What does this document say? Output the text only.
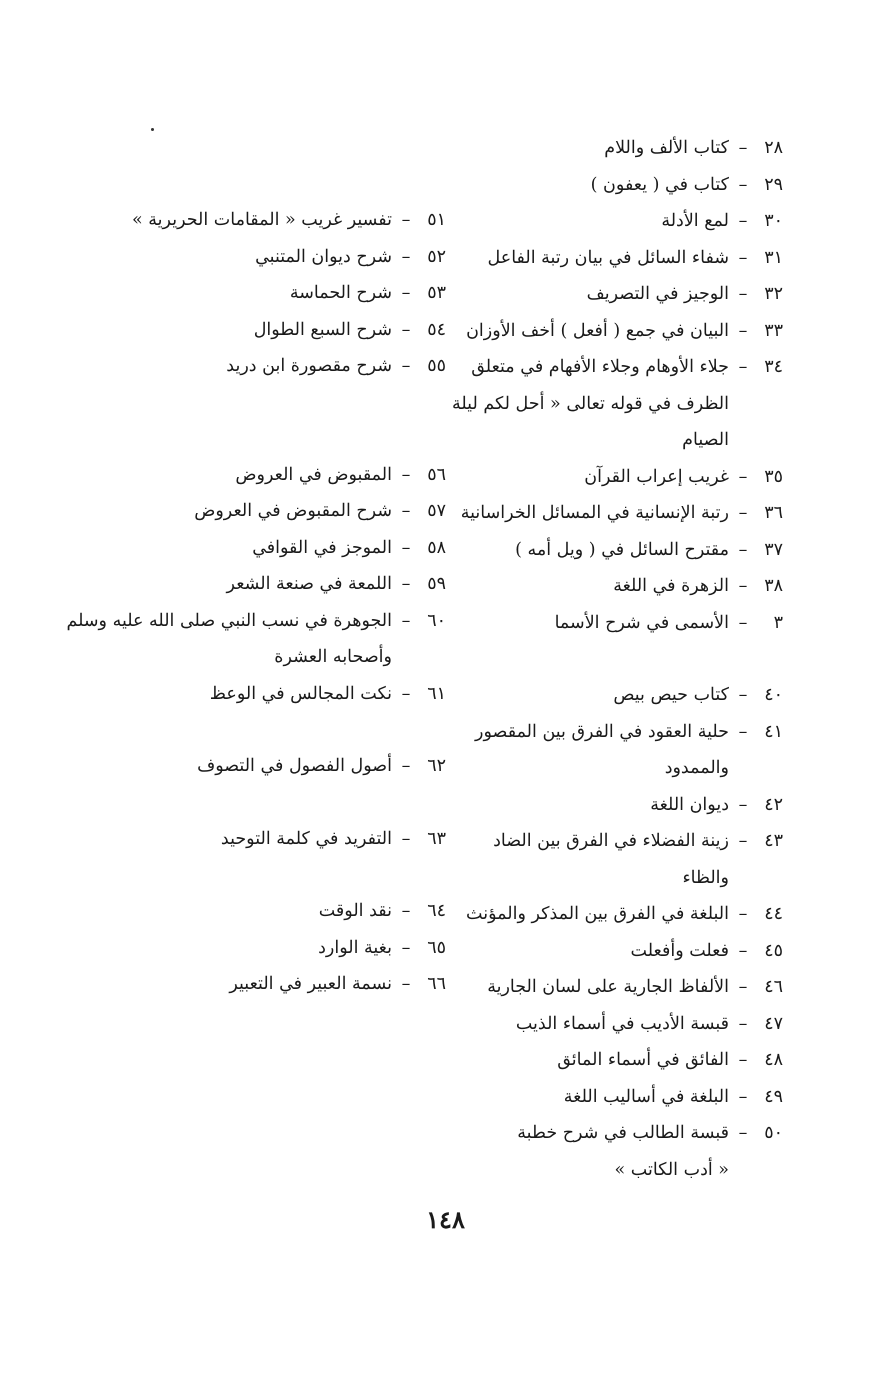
٢٨
–
كتاب الألف واللام
٢٩
–
كتاب في ( يعفون )
٣٠
–
لمع الأدلة
٣١
–
شفاء السائل في بيان رتبة الفاعل
٣٢
–
الوجيز في التصريف
٣٣
–
البيان في جمع ( أفعل ) أخف الأوزان
٣٤
–
جلاء الأوهام وجلاء الأفهام في متعلق
الظرف في قوله تعالى « أحل لكم ليلة
الصيام
٣٥
–
غريب إعراب القرآن
٣٦
–
رتبة الإنسانية في المسائل الخراسانية
٣٧
–
مقترح السائل في ( ويل أمه )
٣٨
–
الزهرة في اللغة
٣
–
الأسمى في شرح الأسما
٤٠
–
كتاب حيص بيص
٤١
–
حلية العقود في الفرق بين المقصور
والممدود
٤٢
–
ديوان اللغة
٤٣
–
زينة الفضلاء في الفرق بين الضاد
والظاء
٤٤
–
البلغة في الفرق بين المذكر والمؤنث
٤٥
–
فعلت وأفعلت
٤٦
–
الألفاظ الجارية على لسان الجارية
٤٧
–
قبسة الأديب في أسماء الذيب
٤٨
–
الفائق في أسماء المائق
٤٩
–
البلغة في أساليب اللغة
٥٠
–
قبسة الطالب في شرح خطبة
« أدب الكاتب »
٥١
–
تفسير غريب « المقامات الحريرية »
٥٢
–
شرح ديوان المتنبي
٥٣
–
شرح الحماسة
٥٤
–
شرح السبع الطوال
٥٥
–
شرح مقصورة ابن دريد
٥٦
–
المقبوض في العروض
٥٧
–
شرح المقبوض في العروض
٥٨
–
الموجز في القوافي
٥٩
–
اللمعة في صنعة الشعر
٦٠
–
الجوهرة في نسب النبي صلى الله عليه وسلم
وأصحابه العشرة
٦١
–
نكت المجالس في الوعظ
٦٢
–
أصول الفصول في التصوف
٦٣
–
التفريد في كلمة التوحيد
٦٤
–
نقد الوقت
٦٥
–
بغية الوارد
٦٦
–
نسمة العبير في التعبير
١٤٨
